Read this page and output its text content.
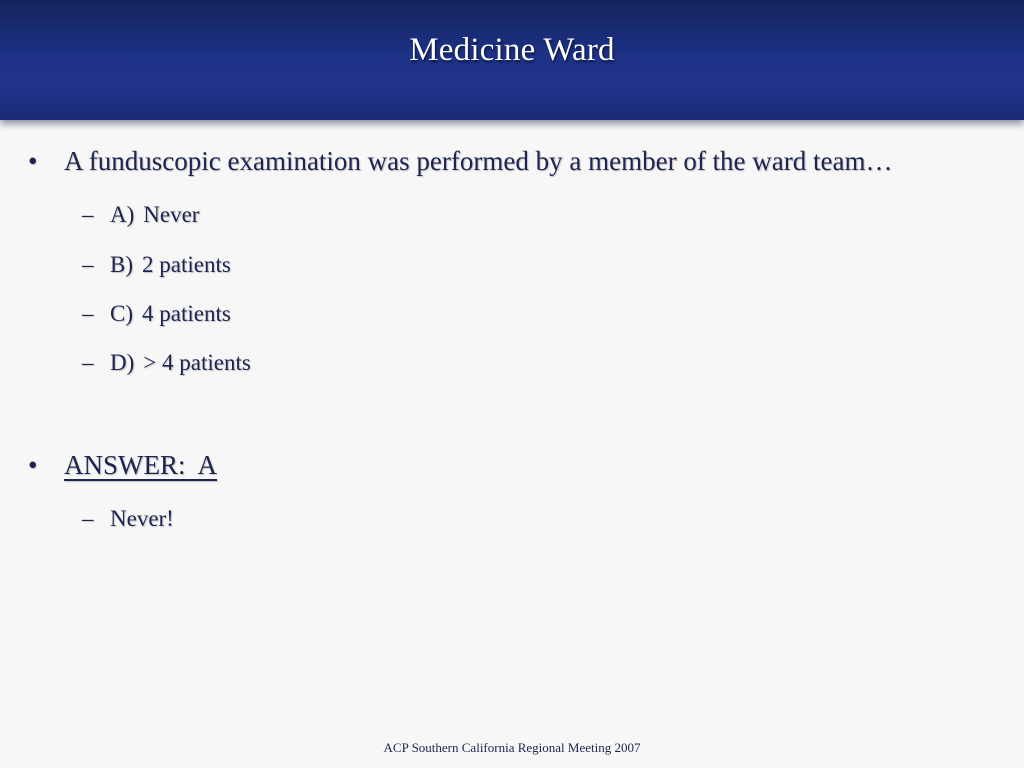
Medicine Ward
• A funduscopic examination was performed by a member of the ward team…
– A) Never
– B) 2 patients
– C) 4 patients
– D) > 4 patients
• ANSWER:  A
– Never!
ACP Southern California Regional Meeting 2007
